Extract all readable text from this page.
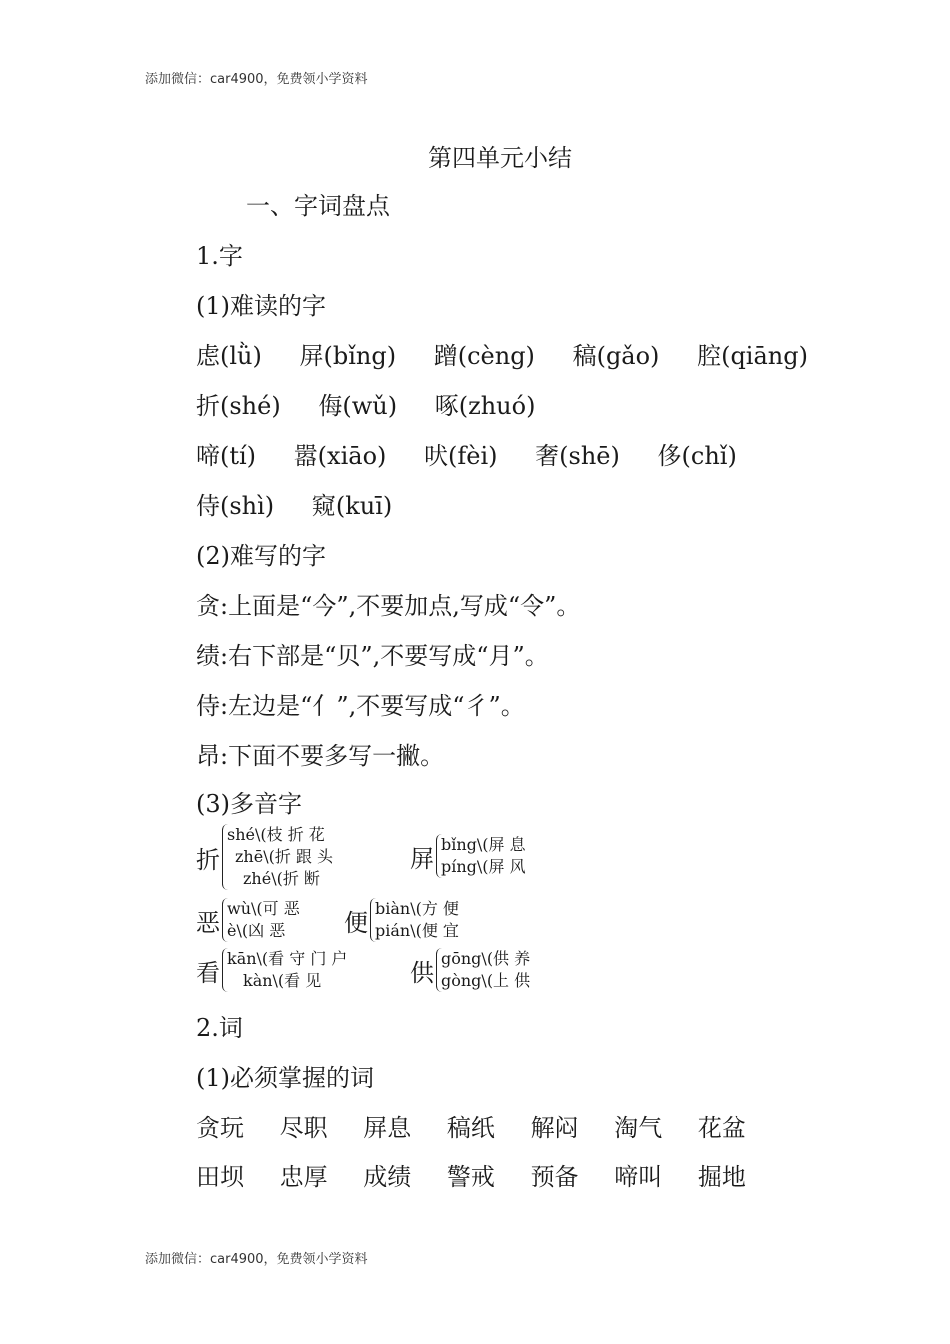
添加微信：car4900，免费领小学资料
第四单元小结
一、字词盘点
1.字
(1)难读的字
虑(lǜ) 屏(bǐng) 蹭(cèng) 稿(gǎo) 腔(qiāng)
折(shé) 侮(wǔ) 啄(zhuó)
啼(tí) 嚣(xiāo) 吠(fèi) 奢(shē) 侈(chǐ)
侍(shì) 窥(kuī)
(2)难写的字
贪:上面是“今”,不要加点,写成“令”。
绩:右下部是“贝”,不要写成“月”。
侍:左边是“亻”,不要写成“彳”。
昂:下面不要多写一撇。
(3)多音字
折
shé\(枝 折 花
zhē\(折 跟 头
zhé\(折 断
屏 bǐng\(屏 息
píng\(屏 风
恶 wù\(可 恶
è\(凶 恶	便 biàn\(方 便
pián\(便 宜
看 kān\(看 守 门 户
kàn\(看 见	供 gōng\(供 养
gòng\(上 供
2.词
(1)必须掌握的词
贪玩 尽职 屏息 稿纸 解闷 淘气 花盆
田坝 忠厚 成绩 警戒 预备 啼叫 掘地
添加微信：car4900，免费领小学资料
